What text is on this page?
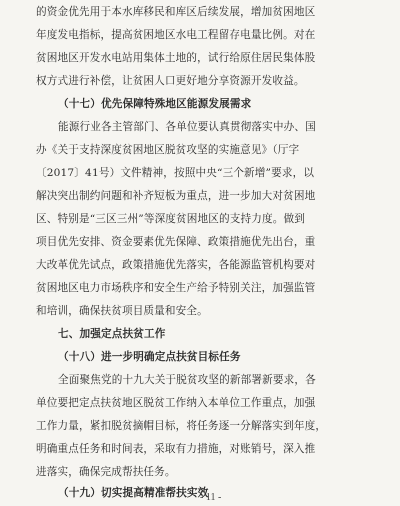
的资金优先用于本水库移民和库区后续发展，增加贫困地区
年度发电指标，提高贫困地区水电工程留存电量比例。对在
贫困地区开发水电站用集体土地的，试行给原住居民集体股
权方式进行补偿，让贫困人口更好地分享资源开发收益。
（十七）优先保障特殊地区能源发展需求
能源行业各主管部门、各单位要认真贯彻落实中办、国
办《关于支持深度贫困地区脱贫攻坚的实施意见》（厅字
〔2017〕41号）文件精神，按照中央“三个新增”要求，以
解决突出制约问题和补齐短板为重点，进一步加大对贫困地
区、特别是“三区三州”等深度贫困地区的支持力度。做到
项目优先安排、资金要素优先保障、政策措施优先出台，重
大改革优先试点，政策措施优先落实，各能源监管机构要对
贫困地区电力市场秩序和安全生产给予特别关注，加强监管
和培训，确保扶贫项目质量和安全。
七、加强定点扶贫工作
（十八）进一步明确定点扶贫目标任务
全面聚焦党的十九大关于脱贫攻坚的新部署新要求，各
单位要把定点扶贫地区脱贫工作纳入本单位工作重点，加强
工作力量，紧扣脱贫摘帽目标，将任务逐一分解落实到年度，
明确重点任务和时间表，采取有力措施，对账销号，深入推
进落实，确保完成帮扶任务。
（十九）切实提高精准帮扶实效
- 11 -
